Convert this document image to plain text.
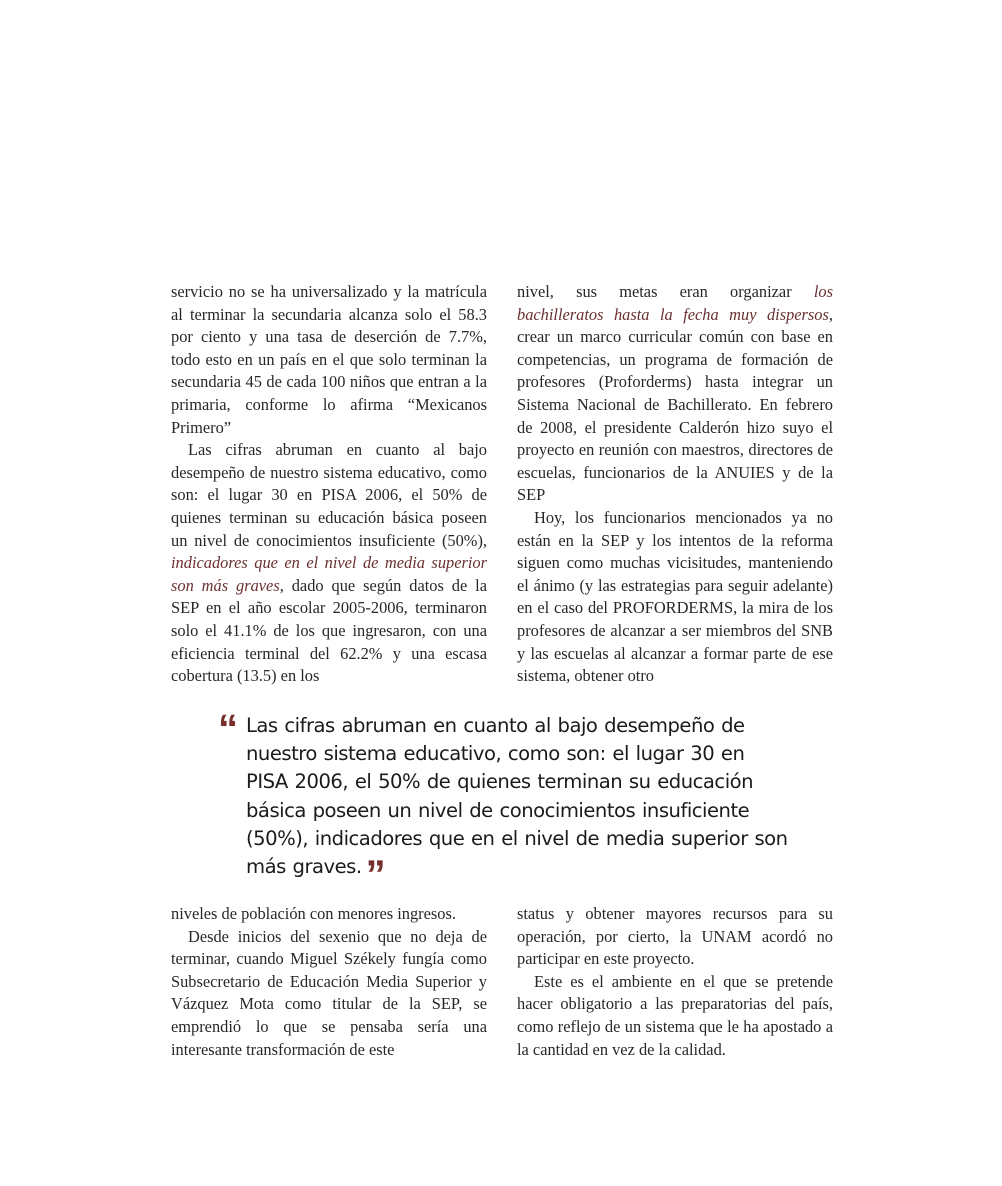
servicio no se ha universalizado y la matrícula al terminar la secundaria alcanza solo el 58.3 por ciento y una tasa de deserción de 7.7%, todo esto en un país en el que solo terminan la secundaria 45 de cada 100 niños que entran a la primaria, conforme lo afirma “Mexicanos Primero”

Las cifras abruman en cuanto al bajo desempeño de nuestro sistema educativo, como son: el lugar 30 en PISA 2006, el 50% de quienes terminan su educación básica poseen un nivel de conocimientos insuficiente (50%), indicadores que en el nivel de media superior son más graves, dado que según datos de la SEP en el año escolar 2005-2006, terminaron solo el 41.1% de los que ingresaron, con una eficiencia terminal del 62.2% y una escasa cobertura (13.5) en los

nivel, sus metas eran organizar los bachilleratos hasta la fecha muy dispersos, crear un marco curricular común con base en competencias, un programa de formación de profesores (Proforderms) hasta integrar un Sistema Nacional de Bachillerato. En febrero de 2008, el presidente Calderón hizo suyo el proyecto en reunión con maestros, directores de escuelas, funcionarios de la ANUIES y de la SEP

Hoy, los funcionarios mencionados ya no están en la SEP y los intentos de la reforma siguen como muchas vicisitudes, manteniendo el ánimo (y las estrategias para seguir adelante) en el caso del PROFORDERMS, la mira de los profesores de alcanzar a ser miembros del SNB y las escuelas al alcanzar a formar parte de ese sistema, obtener otro

“ Las cifras abruman en cuanto al bajo desempeño de nuestro sistema educativo, como son: el lugar 30 en PISA 2006, el 50% de quienes terminan su educación básica poseen un nivel de conocimientos insuficiente (50%), indicadores que en el nivel de media superior son más graves. ”

niveles de población con menores ingresos.

Desde inicios del sexenio que no deja de terminar, cuando Miguel Székely fungía como Subsecretario de Educación Media Superior y Vázquez Mota como titular de la SEP, se emprendió lo que se pensaba sería una interesante transformación de este

status y obtener mayores recursos para su operación, por cierto, la UNAM acordó no participar en este proyecto.

Este es el ambiente en el que se pretende hacer obligatorio a las preparatorias del país, como reflejo de un sistema que le ha apostado a la cantidad en vez de la calidad.
